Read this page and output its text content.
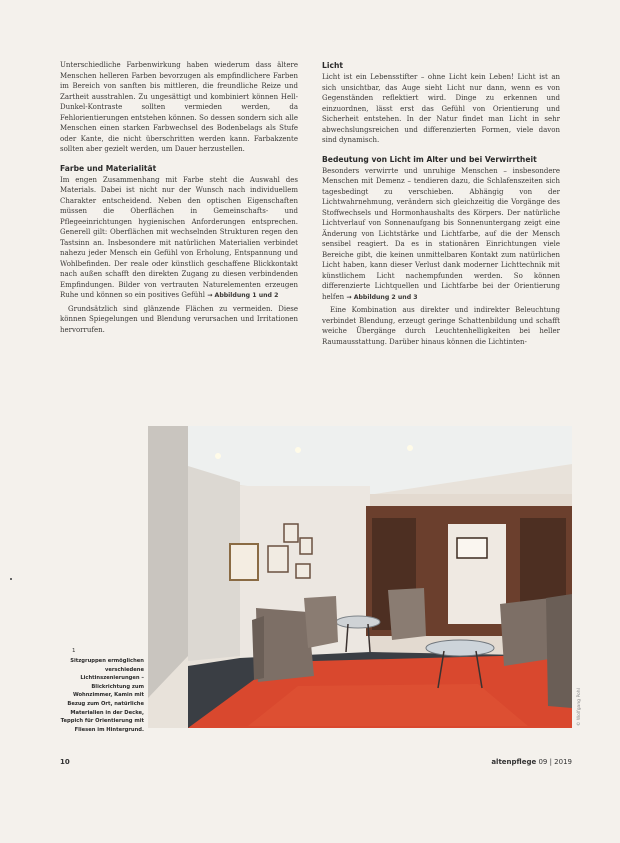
Unterschiedliche Farbenwirkung haben wiederum dass ältere Menschen helleren Farben bevorzugen als empfindlichere Farben im Bereich von sanften bis mittleren, die freundliche Reize und Zartheit ausstrahlen. Zu ungesättigt und kombiniert können Hell-Dunkel-Kontraste sollten vermieden werden, da Fehlorientierungen entstehen können. So dessen sondern sich alle Menschen einen starken Farbwechsel des Bodenbelags als Stufe oder Kante, die nicht überschritten werden kann. Farbakzente sollten aber gezielt werden, um Dauer herzustellen.

Farbe und Materialität

Im engen Zusammenhang mit Farbe steht die Auswahl des Materials. Dabei ist nicht nur der Wunsch nach individuellem Charakter entscheidend. Neben den optischen Eigenschaften müssen die Oberflächen in Gemeinschafts- und Pflegeeinrichtungen hygienischen Anforderungen entsprechen. Generell gilt: Oberflächen mit wechselnden Strukturen regen den Tastsinn an. Insbesondere mit natürlichen Materialien verbindet nahezu jeder Mensch ein Gefühl von Erholung, Entspannung und Wohlbefinden. Der reale oder künstlich geschaffene Blickkontakt nach außen schafft den direkten Zugang zu diesen verbindenden Empfindungen. Bilder von vertrauten Naturelementen erzeugen Ruhe und können so ein positives Gefühl → Abbildung 1 und 2

Grundsätzlich sind glänzende Flächen zu vermeiden. Diese können Spiegelungen und Blendung verursachen und Irritationen hervorrufen.

Licht

Licht ist ein Lebensstifter – ohne Licht kein Leben! Licht ist an sich unsichtbar, das Auge sieht Licht nur dann, wenn es von Gegenständen reflektiert wird. Dinge zu erkennen und einzuordnen, lässt erst das Gefühl von Orientierung und Sicherheit entstehen. In der Natur findet man Licht in sehr abwechslungsreichen und differenzierten Formen, viele davon sind dynamisch.

Bedeutung von Licht im Alter und bei Verwirrtheit

Besonders verwirrte und unruhige Menschen – insbesondere Menschen mit Demenz – tendieren dazu, die Schlafenszeiten sich tagesbedingt zu verschieben. Abhängig von der Lichtwahrnehmung, verändern sich gleichzeitig die Vorgänge des Stoffwechsels und Hormonhaushalts des Körpers. Der natürliche Lichtverlauf von Sonnenaufgang bis Sonnenuntergang zeigt eine Änderung von Lichtstärke und Lichtfarbe, auf die der Mensch sensibel reagiert. Da es in stationären Einrichtungen viele Bereiche gibt, die keinen unmittelbaren Kontakt zum natürlichen Licht haben, kann dieser Verlust dank moderner Lichttechnik mit künstlichem Licht nachempfunden werden. So können differenzierte Lichtquellen und Lichtfarbe bei der Orientierung helfen → Abbildung 2 und 3

Eine Kombination aus direkter und indirekter Beleuchtung verbindet Blendung, erzeugt geringe Schattenbildung und schafft weiche Übergänge durch Leuchtenhelligkeiten bei heller Raumausstattung. Darüber hinaus können die Lichtinten-

1
Sitzgruppen ermöglichen verschiedene Lichtinszenierungen – Blickrichtung zum Wohnzimmer, Kamin mit Bezug zum Ort, natürliche Materialien in der Decke, Teppich für Orientierung mit Fliesen im Hintergrund.
© Wolfgang Pohl
10	altenpflege 09 | 2019
